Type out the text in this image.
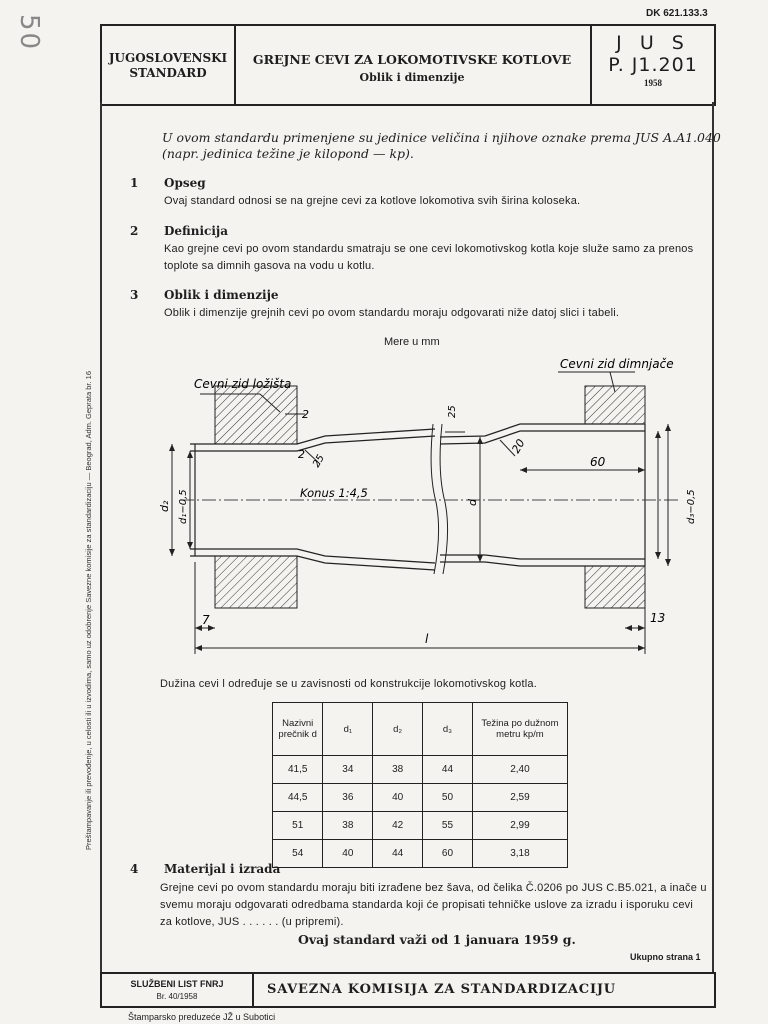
DK 621.133.3
50
JUGOSLOVENSKI
STANDARD
GREJNE CEVI ZA LOKOMOTIVSKE KOTLOVE
Oblik i dimenzije
J U S
P. J1.201
1958
Preštampavanje ili prevođenje, u celosti ili u izvodima, samo uz odobrenje Savezne komisije za standardizaciju — Beograd, Adm. Geprata br. 16
U ovom standardu primenjene su jedinice veličina i njihove oznake prema JUS A.A1.040 (napr. jedinica težine je kilopond — kp).
1 Opseg
Ovaj standard odnosi se na grejne cevi za kotlove lokomotiva svih širina koloseka.
2 Definicija
Kao grejne cevi po ovom standardu smatraju se one cevi lokomotivskog kotla koje služe samo za prenos toplote sa dimnih gasova na vodu u kotlu.
3 Oblik i dimenzije
Oblik i dimenzije grejnih cevi po ovom standardu moraju odgovarati niže datoj slici i tabeli.
Mere u mm
Cevni zid ložišta
Cevni zid dimnjače
Konus 1:4,5
2
2 25
25
20
60
7	13
l
d₂ d₁−0,5	d	d₃−0,5
Dužina cevi l određuje se u zavisnosti od konstrukcije lokomotivskog kotla.
Nazivni prečnik d	d₁	d₂	d₃	Težina po dužnom metru kp/m
41,5	34	38	44	2,40
44,5	36	40	50	2,59
51	38	42	55	2,99
54	40	44	60	3,18
4 Materijal i izrada
Grejne cevi po ovom standardu moraju biti izrađene bez šava, od čelika Č.0206 po JUS C.B5.021, a inače u svemu moraju odgovarati odredbama standarda koji će propisati tehničke uslove za izradu i isporuku cevi za kotlove, JUS . . . . . . (u pripremi).
Ovaj standard važi od 1 januara 1959 g.
Ukupno strana 1
SLUŽBENI LIST FNRJ
Br. 40/1958	SAVEZNA KOMISIJA ZA STANDARDIZACIJU
Štamparsko preduzeće JŽ u Subotici
